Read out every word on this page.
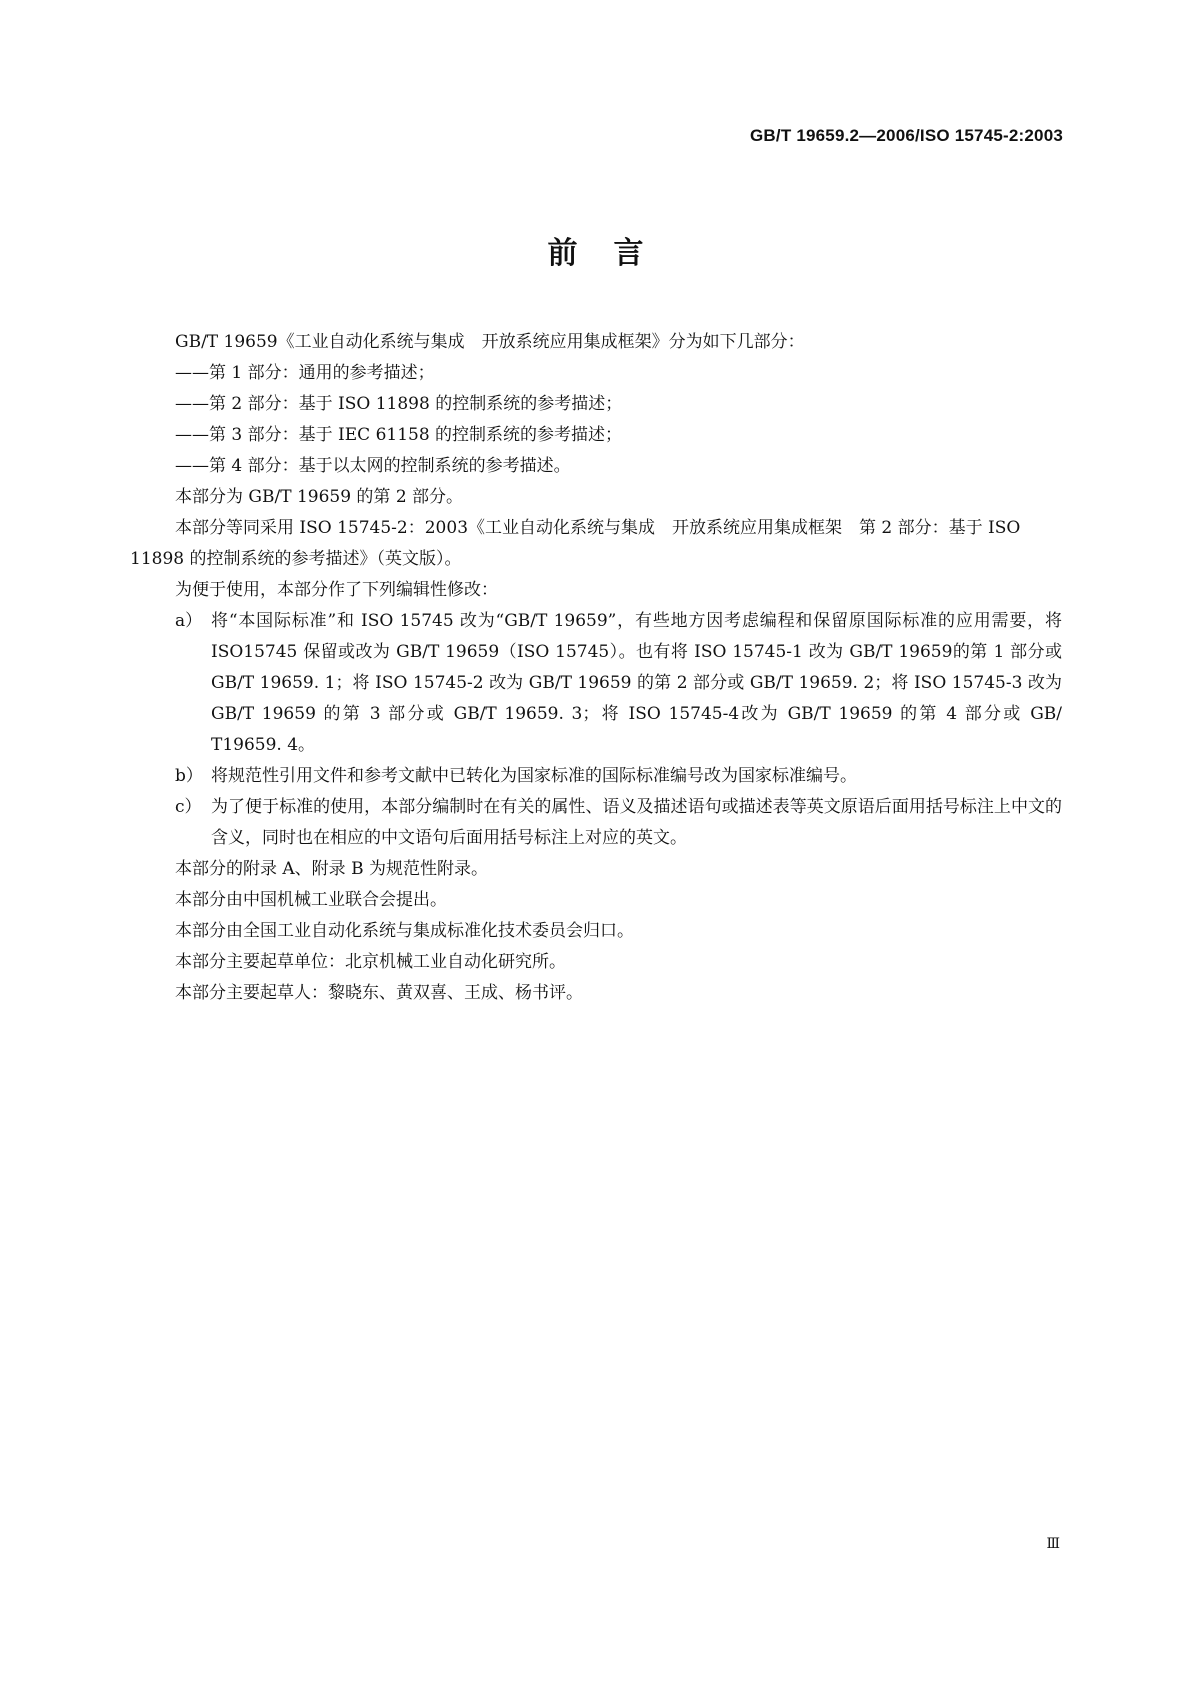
GB/T 19659.2—2006/ISO 15745-2:2003
前言

GB/T 19659《工业自动化系统与集成　开放系统应用集成框架》分为如下几部分：

——第 1 部分：通用的参考描述；

——第 2 部分：基于 ISO 11898 的控制系统的参考描述；

——第 3 部分：基于 IEC 61158 的控制系统的参考描述；

——第 4 部分：基于以太网的控制系统的参考描述。

本部分为 GB/T 19659 的第 2 部分。

本部分等同采用 ISO 15745-2：2003《工业自动化系统与集成　开放系统应用集成框架　第 2 部分：基于 ISO 11898 的控制系统的参考描述》（英文版）。

为便于使用，本部分作了下列编辑性修改：

a） 将“本国际标准”和 ISO 15745 改为“GB/T 19659”，有些地方因考虑编程和保留原国际标准的应用需要，将 ISO15745 保留或改为 GB/T 19659（ISO 15745）。也有将 ISO 15745-1 改为 GB/T 19659的第 1 部分或 GB/T 19659. 1；将 ISO 15745-2 改为 GB/T 19659 的第 2 部分或 GB/T 19659. 2；将 ISO 15745-3 改为 GB/T 19659 的第 3 部分或 GB/T 19659. 3；将 ISO 15745-4改为 GB/T 19659 的第 4 部分或 GB/ T19659. 4。
b） 将规范性引用文件和参考文献中已转化为国家标准的国际标准编号改为国家标准编号。
c） 为了便于标准的使用，本部分编制时在有关的属性、语义及描述语句或描述表等英文原语后面用括号标注上中文的含义，同时也在相应的中文语句后面用括号标注上对应的英文。

本部分的附录 A、附录 B 为规范性附录。

本部分由中国机械工业联合会提出。

本部分由全国工业自动化系统与集成标准化技术委员会归口。

本部分主要起草单位：北京机械工业自动化研究所。

本部分主要起草人：黎晓东、黄双喜、王成、杨书评。

Ⅲ
